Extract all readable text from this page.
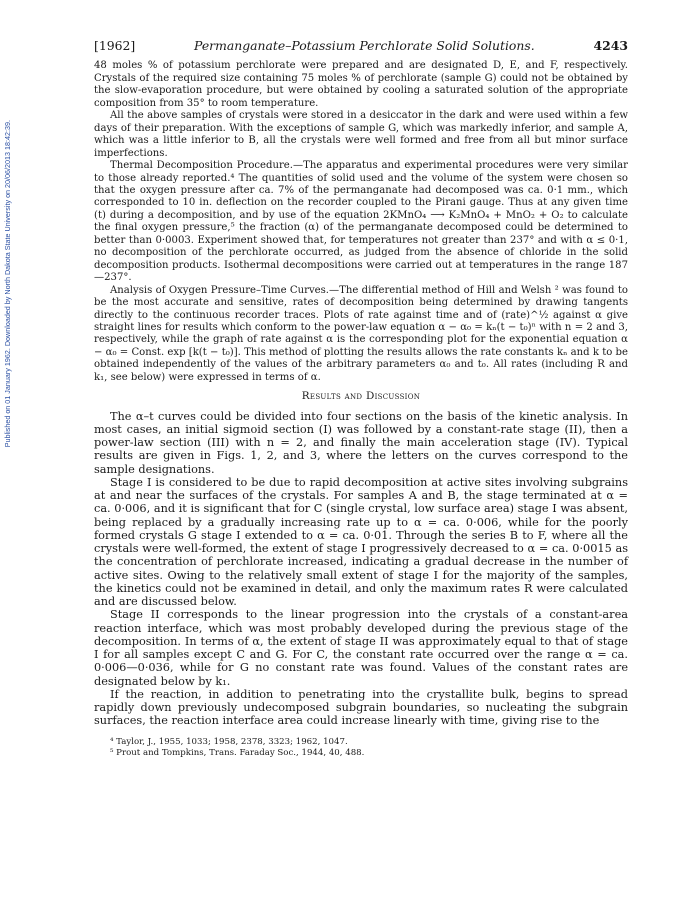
Published on 01 January 1962. Downloaded by North Dakota State University on 20/06/2013 18:42:39.
[1962]	Permanganate–Potassium Perchlorate Solid Solutions.	4243

48 moles % of potassium perchlorate were prepared and are designated D, E, and F, respectively. Crystals of the required size containing 75 moles % of perchlorate (sample G) could not be obtained by the slow-evaporation procedure, but were obtained by cooling a saturated solution of the appropriate composition from 35° to room temperature.

All the above samples of crystals were stored in a desiccator in the dark and were used within a few days of their preparation. With the exceptions of sample G, which was markedly inferior, and sample A, which was a little inferior to B, all the crystals were well formed and free from all but minor surface imperfections.

Thermal Decomposition Procedure.—The apparatus and experimental procedures were very similar to those already reported.⁴ The quantities of solid used and the volume of the system were chosen so that the oxygen pressure after ca. 7% of the permanganate had decomposed was ca. 0·1 mm., which corresponded to 10 in. deflection on the recorder coupled to the Pirani gauge. Thus at any given time (t) during a decomposition, and by use of the equation 2KMnO₄ ⟶ K₂MnO₄ + MnO₂ + O₂ to calculate the final oxygen pressure,⁵ the fraction (α) of the permanganate decomposed could be determined to better than 0·0003. Experiment showed that, for temperatures not greater than 237° and with α ≤ 0·1, no decomposition of the perchlorate occurred, as judged from the absence of chloride in the solid decomposition products. Isothermal decompositions were carried out at temperatures in the range 187—237°.

Analysis of Oxygen Pressure–Time Curves.—The differential method of Hill and Welsh ² was found to be the most accurate and sensitive, rates of decomposition being determined by drawing tangents directly to the continuous recorder traces. Plots of rate against time and of (rate)^½ against α give straight lines for results which conform to the power-law equation α − α₀ = kₙ(t − t₀)ⁿ with n = 2 and 3, respectively, while the graph of rate against α is the corresponding plot for the exponential equation α − α₀ = Const. exp [k(t − t₀)]. This method of plotting the results allows the rate constants kₙ and k to be obtained independently of the values of the arbitrary parameters α₀ and t₀. All rates (including R and k₁, see below) were expressed in terms of α.

Results and Discussion

The α–t curves could be divided into four sections on the basis of the kinetic analysis. In most cases, an initial sigmoid section (I) was followed by a constant-rate stage (II), then a power-law section (III) with n = 2, and finally the main acceleration stage (IV). Typical results are given in Figs. 1, 2, and 3, where the letters on the curves correspond to the sample designations.

Stage I is considered to be due to rapid decomposition at active sites involving subgrains at and near the surfaces of the crystals. For samples A and B, the stage terminated at α = ca. 0·006, and it is significant that for C (single crystal, low surface area) stage I was absent, being replaced by a gradually increasing rate up to α = ca. 0·006, while for the poorly formed crystals G stage I extended to α = ca. 0·01. Through the series B to F, where all the crystals were well-formed, the extent of stage I progressively decreased to α = ca. 0·0015 as the concentration of perchlorate increased, indicating a gradual decrease in the number of active sites. Owing to the relatively small extent of stage I for the majority of the samples, the kinetics could not be examined in detail, and only the maximum rates R were calculated and are discussed below.

Stage II corresponds to the linear progression into the crystals of a constant-area reaction interface, which was most probably developed during the previous stage of the decomposition. In terms of α, the extent of stage II was approximately equal to that of stage I for all samples except C and G. For C, the constant rate occurred over the range α = ca. 0·006—0·036, while for G no constant rate was found. Values of the constant rates are designated below by k₁.

If the reaction, in addition to penetrating into the crystallite bulk, begins to spread rapidly down previously undecomposed subgrain boundaries, so nucleating the subgrain surfaces, the reaction interface area could increase linearly with time, giving rise to the

⁴ Taylor, J., 1955, 1033; 1958, 2378, 3323; 1962, 1047.
⁵ Prout and Tompkins, Trans. Faraday Soc., 1944, 40, 488.
